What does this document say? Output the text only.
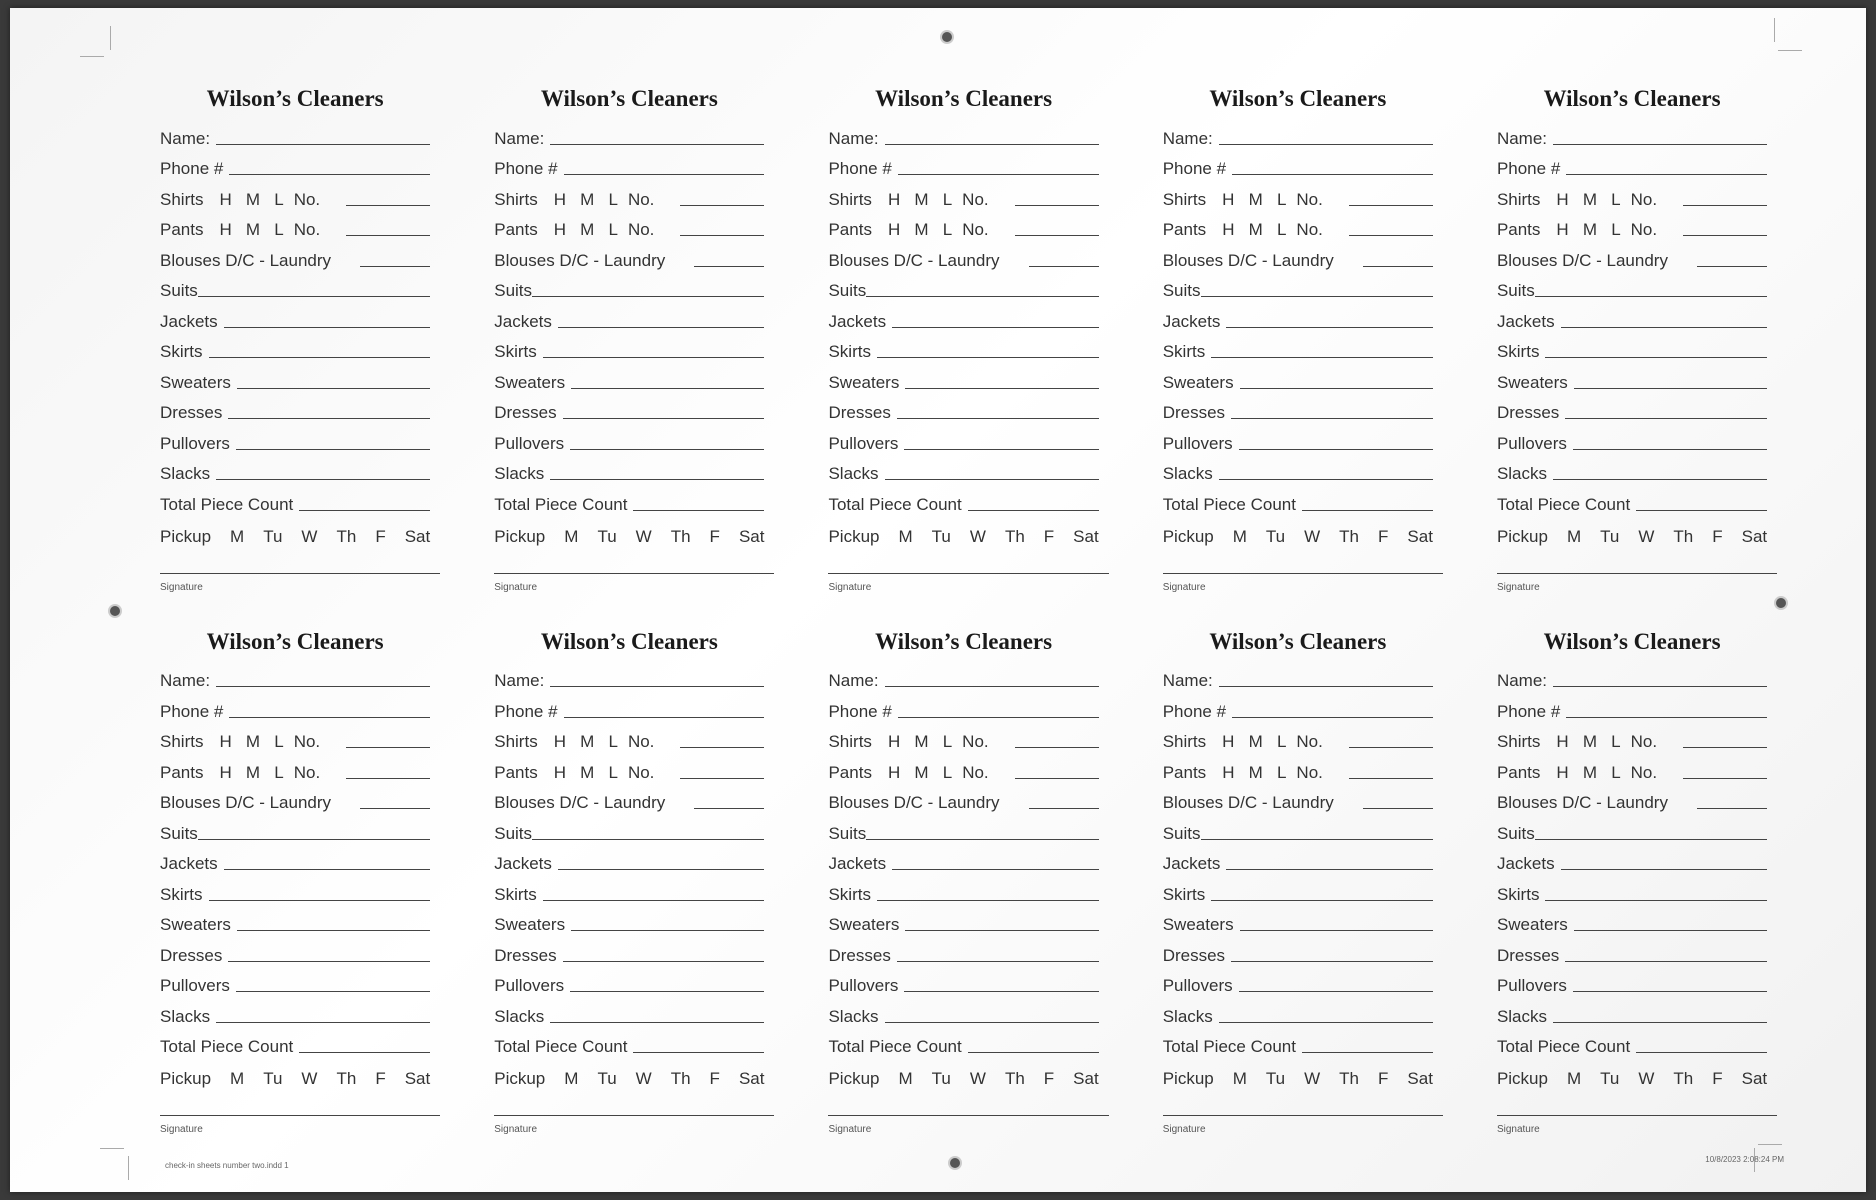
Wilson’s Cleaners
Name:
Phone #
Shirts H   M   L No.
Pants H   M   L No.
Blouses D/C - Laundry
Suits
Jackets
Skirts
Sweaters
Dresses
Pullovers
Slacks
Total Piece Count
Pickup M Tu W Th F Sat
Signature
Wilson’s Cleaners
Name:
Phone #
Shirts H   M   L No.
Pants H   M   L No.
Blouses D/C - Laundry
Suits
Jackets
Skirts
Sweaters
Dresses
Pullovers
Slacks
Total Piece Count
Pickup M Tu W Th F Sat
Signature
Wilson’s Cleaners
Name:
Phone #
Shirts H   M   L No.
Pants H   M   L No.
Blouses D/C - Laundry
Suits
Jackets
Skirts
Sweaters
Dresses
Pullovers
Slacks
Total Piece Count
Pickup M Tu W Th F Sat
Signature
Wilson’s Cleaners
Name:
Phone #
Shirts H   M   L No.
Pants H   M   L No.
Blouses D/C - Laundry
Suits
Jackets
Skirts
Sweaters
Dresses
Pullovers
Slacks
Total Piece Count
Pickup M Tu W Th F Sat
Signature
Wilson’s Cleaners
Name:
Phone #
Shirts H   M   L No.
Pants H   M   L No.
Blouses D/C - Laundry
Suits
Jackets
Skirts
Sweaters
Dresses
Pullovers
Slacks
Total Piece Count
Pickup M Tu W Th F Sat
Signature
Wilson’s Cleaners
Name:
Phone #
Shirts H   M   L No.
Pants H   M   L No.
Blouses D/C - Laundry
Suits
Jackets
Skirts
Sweaters
Dresses
Pullovers
Slacks
Total Piece Count
Pickup M Tu W Th F Sat
Signature
Wilson’s Cleaners
Name:
Phone #
Shirts H   M   L No.
Pants H   M   L No.
Blouses D/C - Laundry
Suits
Jackets
Skirts
Sweaters
Dresses
Pullovers
Slacks
Total Piece Count
Pickup M Tu W Th F Sat
Signature
Wilson’s Cleaners
Name:
Phone #
Shirts H   M   L No.
Pants H   M   L No.
Blouses D/C - Laundry
Suits
Jackets
Skirts
Sweaters
Dresses
Pullovers
Slacks
Total Piece Count
Pickup M Tu W Th F Sat
Signature
Wilson’s Cleaners
Name:
Phone #
Shirts H   M   L No.
Pants H   M   L No.
Blouses D/C - Laundry
Suits
Jackets
Skirts
Sweaters
Dresses
Pullovers
Slacks
Total Piece Count
Pickup M Tu W Th F Sat
Signature
Wilson’s Cleaners
Name:
Phone #
Shirts H   M   L No.
Pants H   M   L No.
Blouses D/C - Laundry
Suits
Jackets
Skirts
Sweaters
Dresses
Pullovers
Slacks
Total Piece Count
Pickup M Tu W Th F Sat
Signature
check-in sheets number two.indd 1
10/8/2023 2:08:24 PM
